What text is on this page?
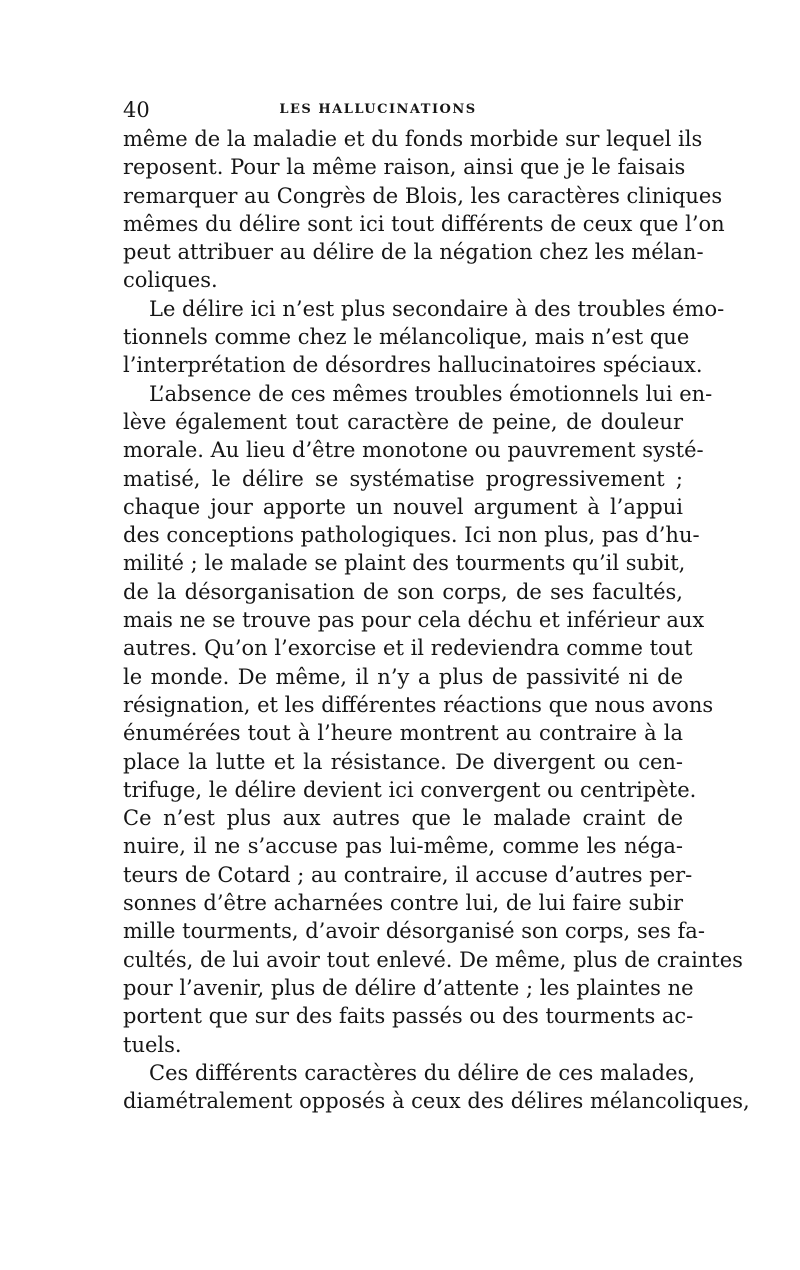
40	LES HALLUCINATIONS
même de la maladie et du fonds morbide sur lequel ils
reposent. Pour la même raison, ainsi que je le faisais
remarquer au Congrès de Blois, les caractères cliniques
mêmes du délire sont ici tout différents de ceux que l’on
peut attribuer au délire de la négation chez les mélan-
coliques.
Le délire ici n’est plus secondaire à des troubles émo-
tionnels comme chez le mélancolique, mais n’est que
l’interprétation de désordres hallucinatoires spéciaux.
L’absence de ces mêmes troubles émotionnels lui en-
lève également tout caractère de peine, de douleur
morale. Au lieu d’être monotone ou pauvrement systé-
matisé, le délire se systématise progressivement ;
chaque jour apporte un nouvel argument à l’appui
des conceptions pathologiques. Ici non plus, pas d’hu-
milité ; le malade se plaint des tourments qu’il subit,
de la désorganisation de son corps, de ses facultés,
mais ne se trouve pas pour cela déchu et inférieur aux
autres. Qu’on l’exorcise et il redeviendra comme tout
le monde. De même, il n’y a plus de passivité ni de
résignation, et les différentes réactions que nous avons
énumérées tout à l’heure montrent au contraire à la
place la lutte et la résistance. De divergent ou cen-
trifuge, le délire devient ici convergent ou centripète.
Ce n’est plus aux autres que le malade craint de
nuire, il ne s’accuse pas lui-même, comme les néga-
teurs de Cotard ; au contraire, il accuse d’autres per-
sonnes d’être acharnées contre lui, de lui faire subir
mille tourments, d’avoir désorganisé son corps, ses fa-
cultés, de lui avoir tout enlevé. De même, plus de craintes
pour l’avenir, plus de délire d’attente ; les plaintes ne
portent que sur des faits passés ou des tourments ac-
tuels.
Ces différents caractères du délire de ces malades,
diamétralement opposés à ceux des délires mélancoliques,
